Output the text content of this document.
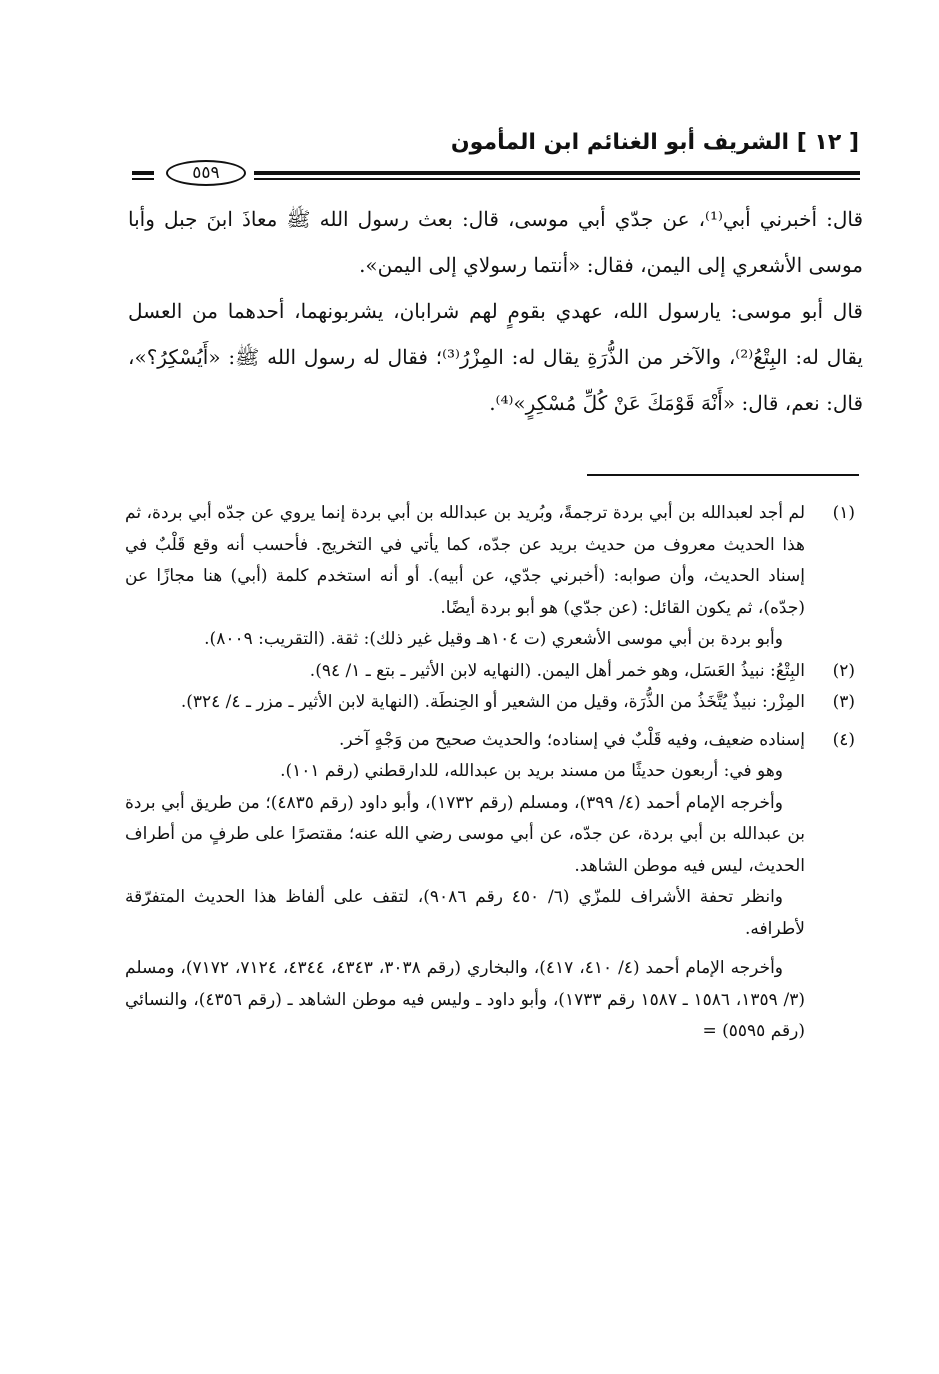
[ ١٢ ] الشريف أبو الغنائم ابن المأمون
٥٥٩

قال: أخبرني أبي⁽¹⁾، عن جدّي أبي موسى، قال: بعث رسول الله ﷺ معاذَ ابنَ جبل وأبا موسى الأشعري إلى اليمن، فقال: «أنتما رسولاي إلى اليمن».

قال أبو موسى: يارسول الله، عهدي بقومٍ لهم شرابان، يشربونهما، أحدهما من العسل يقال له: البِتْعُ⁽²⁾، والآخر من الذُّرَةِ يقال له: المِزْرُ⁽³⁾؛ فقال له رسول الله ﷺ: «أَيُسْكِرُ؟»، قال: نعم، قال: «أَنْهَ قَوْمَكَ عَنْ كُلِّ مُسْكِرٍ»⁽⁴⁾.

(١)

لم أجد لعبدالله بن أبي بردة ترجمةً، وبُريد بن عبدالله بن أبي بردة إنما يروي عن جدّه أبي بردة، ثم هذا الحديث معروف من حديث بريد عن جدّه، كما يأتي في التخريج. فأحسب أنه وقع قَلْبٌ في إسناد الحديث، وأن صوابه: (أخبرني جدّي، عن أبيه). أو أنه استخدم كلمة (أبي) هنا مجازًا عن (جدّه)، ثم يكون القائل: (عن جدّي) هو أبو بردة أيضًا.

وأبو بردة بن أبي موسى الأشعري (ت ١٠٤هـ وقيل غير ذلك): ثقة. (التقريب: ٨٠٠٩).

(٢)

البِتْعُ: نبيذُ العَسَل، وهو خمر أهل اليمن. (النهايه لابن الأثير ـ بتع ـ ١/ ٩٤).

(٣)

المِزْر: نبيذٌ يُتَّخَذُ من الذُّرَة، وقيل من الشعير أو الحِنطَة. (النهاية لابن الأثير ـ مزر ـ ٤/ ٣٢٤).

(٤)

إسناده ضعيف، وفيه قَلْبٌ في إسناده؛ والحديث صحيح من وَجْهٍ آخر.

وهو في: أربعون حديثًا من مسند بريد بن عبدالله، للدارقطني (رقم ١٠١).

وأخرجه الإمام أحمد (٤/ ٣٩٩)، ومسلم (رقم ١٧٣٢)، وأبو داود (رقم ٤٨٣٥)؛ من طريق أبي بردة بن عبدالله بن أبي بردة، عن جدّه، عن أبي موسى رضي الله عنه؛ مقتصرًا على طرفٍ من أطراف الحديث، ليس فيه موطن الشاهد.

وانظر تحفة الأشراف للمزّي (٦/ ٤٥٠ رقم ٩٠٨٦)، لتقف على ألفاظ هذا الحديث المتفرّقة لأطرافه.

وأخرجه الإمام أحمد (٤/ ٤١٠، ٤١٧)، والبخاري (رقم ٣٠٣٨، ٤٣٤٣، ٤٣٤٤، ٧١٢٤، ٧١٧٢)، ومسلم (٣/ ١٣٥٩، ١٥٨٦ ـ ١٥٨٧ رقم ١٧٣٣)، وأبو داود ـ وليس فيه موطن الشاهد ـ (رقم ٤٣٥٦)، والنسائي (رقم ٥٥٩٥) =
